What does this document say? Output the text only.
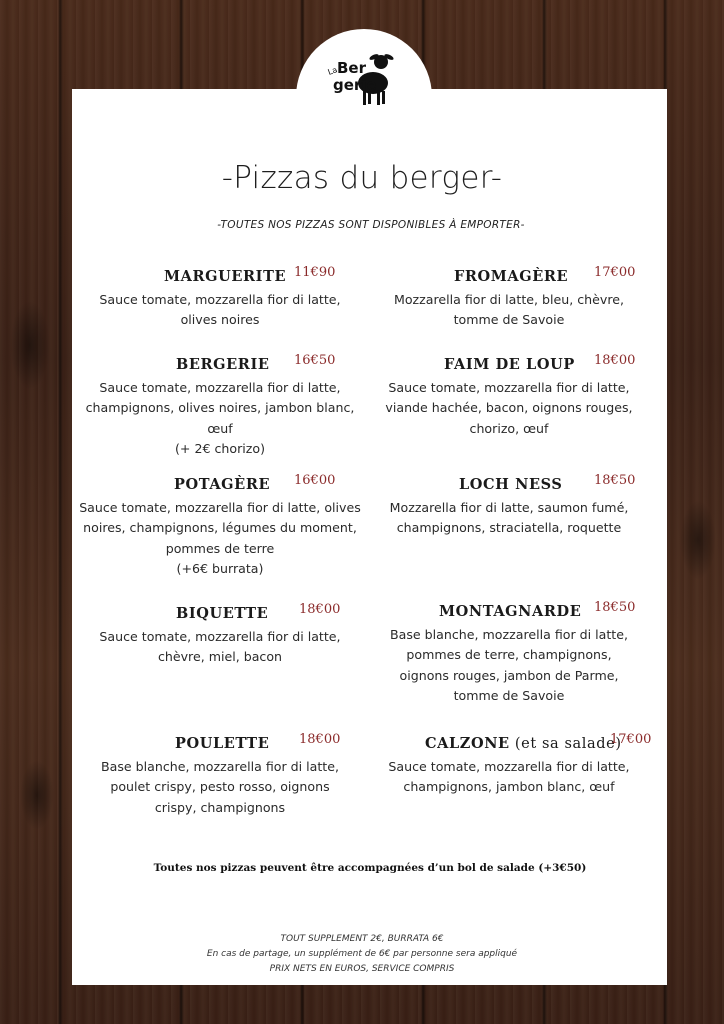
La
Ber
gerie
-Pizzas du berger-
-TOUTES NOS PIZZAS SONT DISPONIBLES À EMPORTER-
MARGUERITE 11€90
Sauce tomate, mozzarella fior di latte,
olives noires
BERGERIE 16€50
Sauce tomate, mozzarella fior di latte,
champignons, olives noires, jambon blanc,
œuf
(+ 2€ chorizo)
POTAGÈRE 16€00
Sauce tomate, mozzarella fior di latte, olives
noires, champignons, légumes du moment,
pommes de terre
(+6€ burrata)
BIQUETTE 18€00
Sauce tomate, mozzarella fior di latte,
chèvre, miel, bacon
POULETTE 18€00
Base blanche, mozzarella fior di latte,
poulet crispy, pesto rosso, oignons
crispy, champignons
FROMAGÈRE 17€00
Mozzarella fior di latte, bleu, chèvre,
tomme de Savoie
FAIM DE LOUP 18€00
Sauce tomate, mozzarella fior di latte,
viande hachée, bacon, oignons rouges,
chorizo, œuf
LOCH NESS 18€50
Mozzarella fior di latte, saumon fumé,
champignons, straciatella, roquette
MONTAGNARDE 18€50
Base blanche, mozzarella fior di latte,
pommes de terre, champignons,
oignons rouges, jambon de Parme,
tomme de Savoie
CALZONE (et sa salade)
17€00
Sauce tomate, mozzarella fior di latte,
champignons, jambon blanc, œuf
Toutes nos pizzas peuvent être accompagnées d’un bol de salade (+3€50)
TOUT SUPPLEMENT 2€, BURRATA 6€
En cas de partage, un supplément de 6€ par personne sera appliqué
PRIX NETS EN EUROS, SERVICE COMPRIS
